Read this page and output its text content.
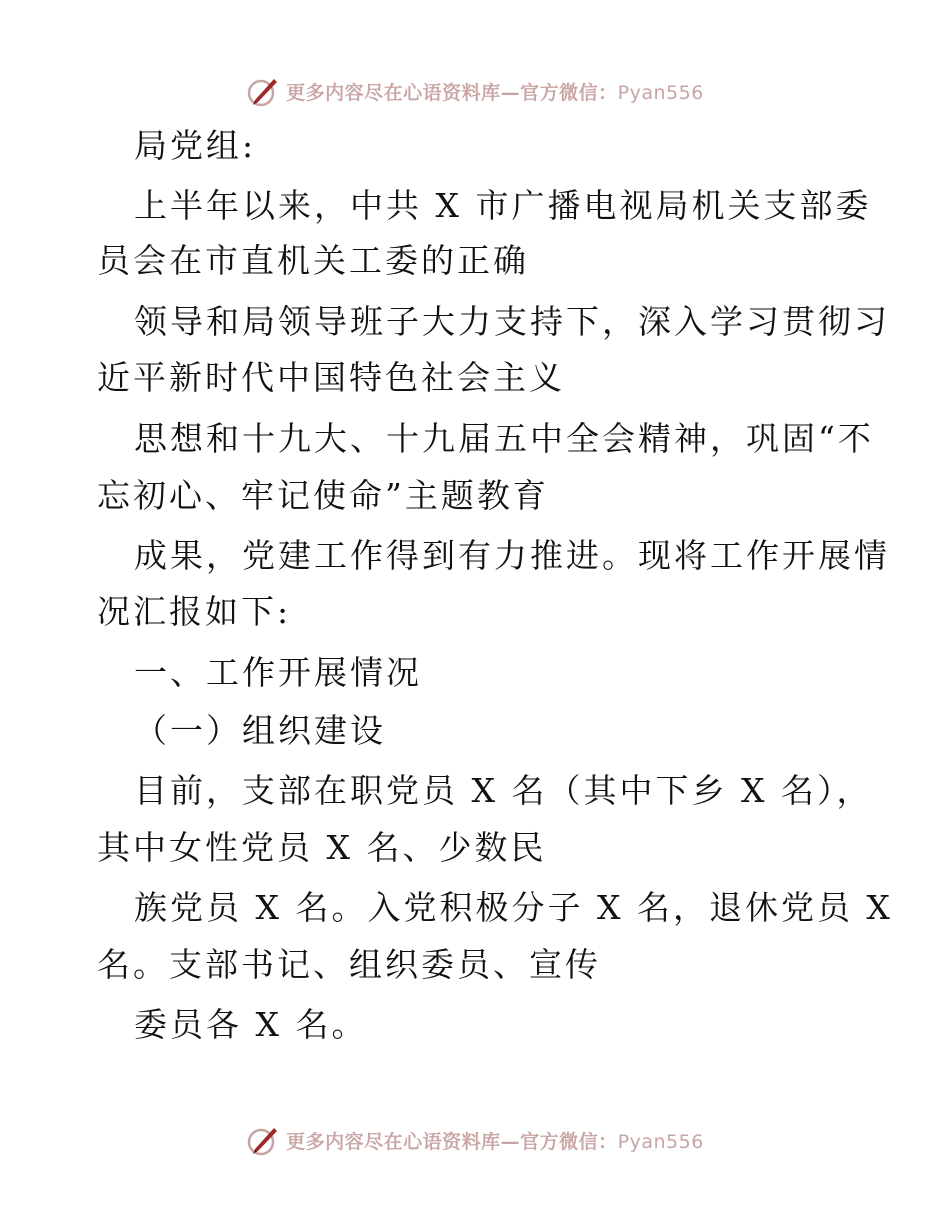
更多内容尽在心语资料库—官方微信：Pyan556
局党组:
上半年以来，中共 X 市广播电视局机关支部委
员会在市直机关工委的正确
领导和局领导班子大力支持下，深入学习贯彻习
近平新时代中国特色社会主义
思想和十九大、十九届五中全会精神，巩固“不
忘初心、牢记使命”主题教育
成果，党建工作得到有力推进。现将工作开展情
况汇报如下:
一、工作开展情况
（一）组织建设
目前，支部在职党员 X 名（其中下乡 X 名），
其中女性党员 X 名、少数民
族党员 X 名。入党积极分子 X 名，退休党员 X
名。支部书记、组织委员、宣传
委员各 X 名。
更多内容尽在心语资料库—官方微信：Pyan556
